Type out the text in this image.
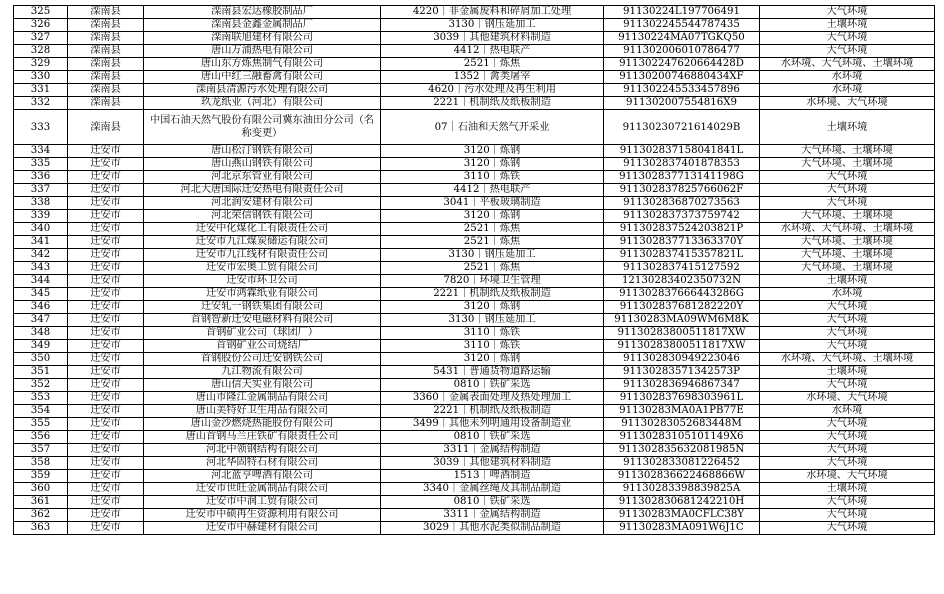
325	滦南县	滦南县宏达橡胶制品厂	4220｜非金属废料和碎屑加工处理	91130224L197706491	大气环境
326	滦南县	滦南县金鑫金属制品厂	3130｜钢压延加工	911302245544787435	土壤环境
327	滦南县	滦南联旭建材有限公司	3039｜其他建筑材料制造	91130224MA07TGKQ50	大气环境
328	滦南县	唐山万浦热电有限公司	4412｜热电联产	911302006010786477	大气环境
329	滦南县	唐山东方炼焦制气有限公司	2521｜炼焦	911302247620664428D	水环境、大气环境、土壤环境
330	滦南县	唐山中红三融畜禽有限公司	1352｜禽类屠宰	91130200746880434XF	水环境
331	滦南县	滦南县清源污水处理有限公司	4620｜污水处理及再生利用	911302245533457896	水环境
332	滦南县	玖龙纸业（河北）有限公司	2221｜机制纸及纸板制造	911302007554816X9	水环境、大气环境
333	滦南县	中国石油天然气股份有限公司冀东油田分公司（名称变更）	07｜石油和天然气开采业	91130230721614029B	土壤环境
334	迁安市	唐山松汀钢铁有限公司	3120｜炼钢	911302837158041841L	大气环境、土壤环境
335	迁安市	唐山燕山钢铁有限公司	3120｜炼钢	911302837401878353	大气环境、土壤环境
336	迁安市	河北京东管业有限公司	3110｜炼铁	911302837713141198G	大气环境
337	迁安市	河北大唐国际迁安热电有限责任公司	4412｜热电联产	911302837825766062F	大气环境
338	迁安市	河北润安建材有限公司	3041｜平板玻璃制造	911302836870273563	大气环境
339	迁安市	河北荣信钢铁有限公司	3120｜炼钢	911302837373759742	大气环境、土壤环境
340	迁安市	迁安中化煤化工有限责任公司	2521｜炼焦	911302837524203821P	水环境、大气环境、土壤环境
341	迁安市	迁安市九江煤炭储运有限公司	2521｜炼焦	911302837713363370Y	大气环境、土壤环境
342	迁安市	迁安市九江线材有限责任公司	3130｜钢压延加工	911302837415357821L	大气环境、土壤环境
343	迁安市	迁安市宏奥工贸有限公司	2521｜炼焦	911302837415127592	大气环境、土壤环境
344	迁安市	迁安市环卫公司	7820｜环境卫生管理	12130283402350732N	土壤环境
345	迁安市	迁安市鸿霖纸业有限公司	2221｜机制纸及纸板制造	911302837666443286G	水环境
346	迁安市	迁安轧一钢铁集团有限公司	3120｜炼钢	911302837681282220Y	大气环境
347	迁安市	首钢智新迁安电磁材料有限公司	3130｜钢压延加工	91130283MA09WM6M8K	大气环境
348	迁安市	首钢矿业公司（球团厂）	3110｜炼铁	91130283800511817XW	大气环境
349	迁安市	首钢矿业公司烧结厂	3110｜炼铁	91130283800511817XW	大气环境
350	迁安市	首钢股份公司迁安钢铁公司	3120｜炼钢	911302830949223046	水环境、大气环境、土壤环境
351	迁安市	九江物流有限公司	5431｜普通货物道路运输	91130283571342573P	土壤环境
352	迁安市	唐山信天实业有限公司	0810｜铁矿采选	911302836946867347	大气环境
353	迁安市	唐山市隆江金属制品有限公司	3360｜金属表面处理及热处理加工	911302837698303961L	水环境、大气环境
354	迁安市	唐山美特好卫生用品有限公司	2221｜机制纸及纸板制造	91130283MA0A1PB77E	水环境
355	迁安市	唐山金沙燃烧热能股份有限公司	3499｜其他未列明通用设备制造业	91130283052683448M	大气环境
356	迁安市	唐山首钢马兰庄铁矿有限责任公司	0810｜铁矿采选	91130283105101149X6	大气环境
357	迁安市	河北中领钢结构有限公司	3311｜金属结构制造	911302835632081985N	大气环境
358	迁安市	河北华固特石材有限公司	3039｜其他建筑材料制造	911302833081226452	大气环境
359	迁安市	河北蓝亨啤酒有限公司	1513｜啤酒制造	911302836622468866W	水环境、大气环境
360	迁安市	迁安市世旺金属制品有限公司	3340｜金属丝绳及其制品制造	91130283398839825A	土壤环境
361	迁安市	迁安市中润工贸有限公司	0810｜铁矿采选	911302830681242210H	大气环境
362	迁安市	迁安市中硕再生资源利用有限公司	3311｜金属结构制造	91130283MA0CFLC38Y	大气环境
363	迁安市	迁安市中赫建材有限公司	3029｜其他水泥类似制品制造	91130283MA091W6J1C	大气环境
